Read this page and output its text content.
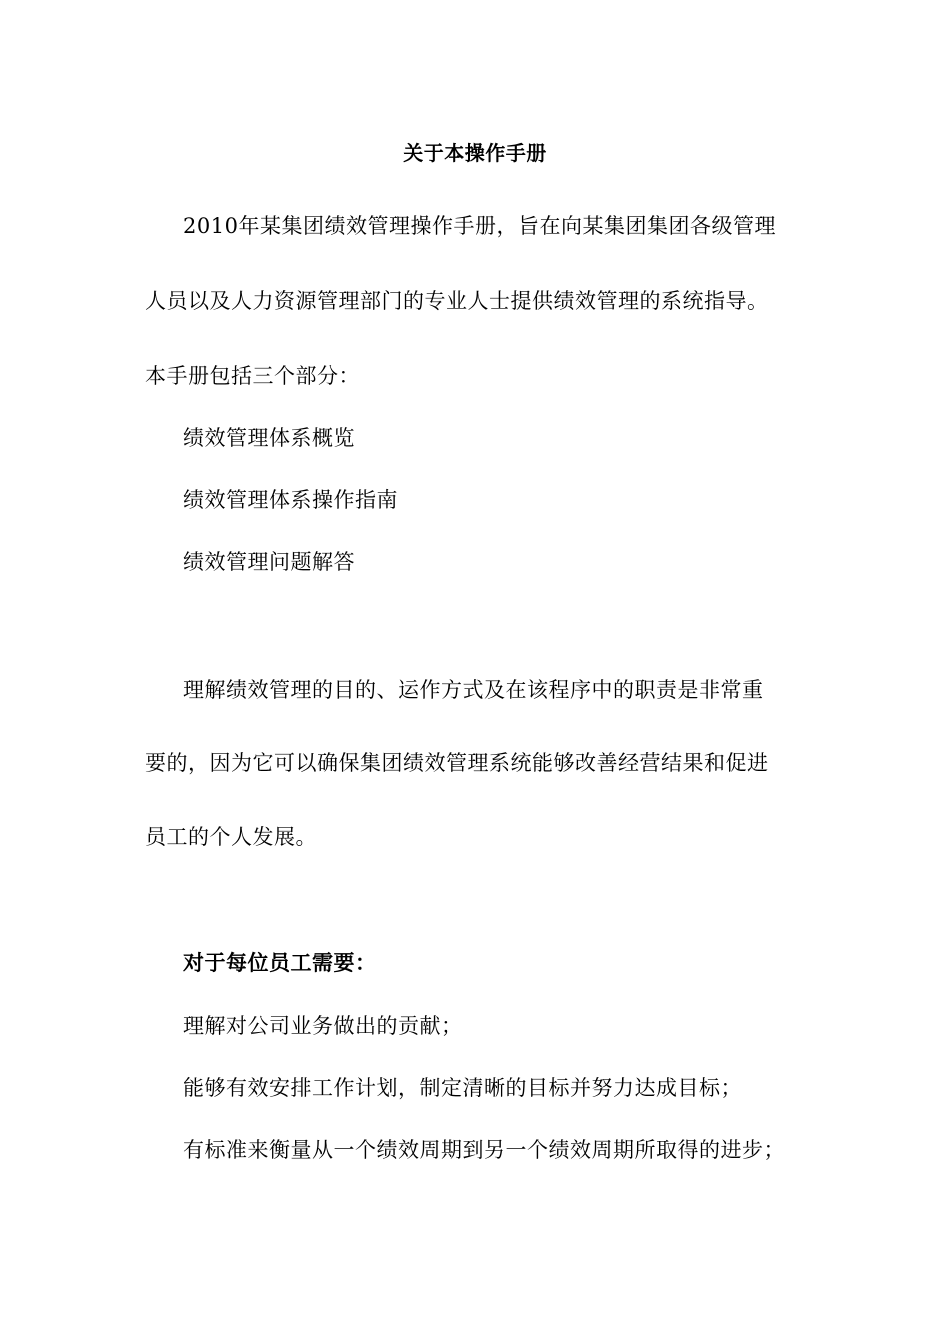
关于本操作手册
2010年某集团绩效管理操作手册，旨在向某集团集团各级管理
人员以及人力资源管理部门的专业人士提供绩效管理的系统指导。
本手册包括三个部分：
绩效管理体系概览
绩效管理体系操作指南
绩效管理问题解答
理解绩效管理的目的、运作方式及在该程序中的职责是非常重
要的，因为它可以确保集团绩效管理系统能够改善经营结果和促进
员工的个人发展。
对于每位员工需要：
理解对公司业务做出的贡献；
能够有效安排工作计划，制定清晰的目标并努力达成目标；
有标准来衡量从一个绩效周期到另一个绩效周期所取得的进步；
